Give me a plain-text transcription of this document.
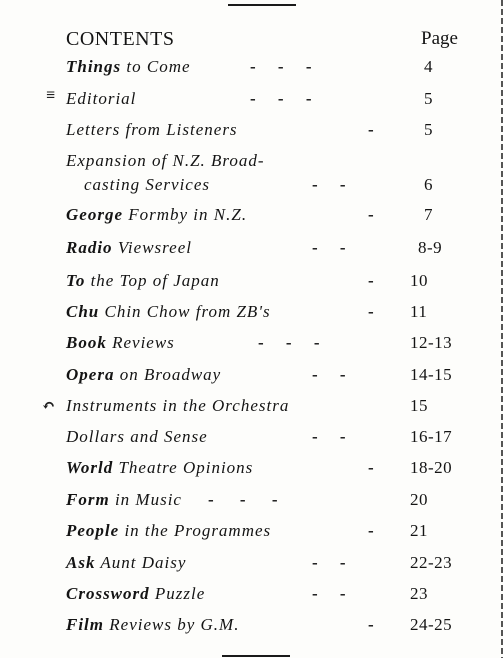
CONTENTS	Page
Things to Come	- - -	4
≡ Editorial	- - -	5
Letters from Listeners	-	5
Expansion of N.Z. Broad-
casting Services	- -	6
George Formby in N.Z.	-	7
Radio Viewsreel	- -	8-9
To the Top of Japan	- 10
Chu Chin Chow from ZB's	- 11
Book Reviews	- - -	12-13
Opera on Broadway	- -	14-15
↶ Instruments in the Orchestra	15
Dollars and Sense	- -	16-17
World Theatre Opinions	- 18-20
Form in Music - - -	20
People in the Programmes	- 21
Ask Aunt Daisy	- -	22-23
Crossword Puzzle	- -	23
Film Reviews by G.M.	- 24-25
